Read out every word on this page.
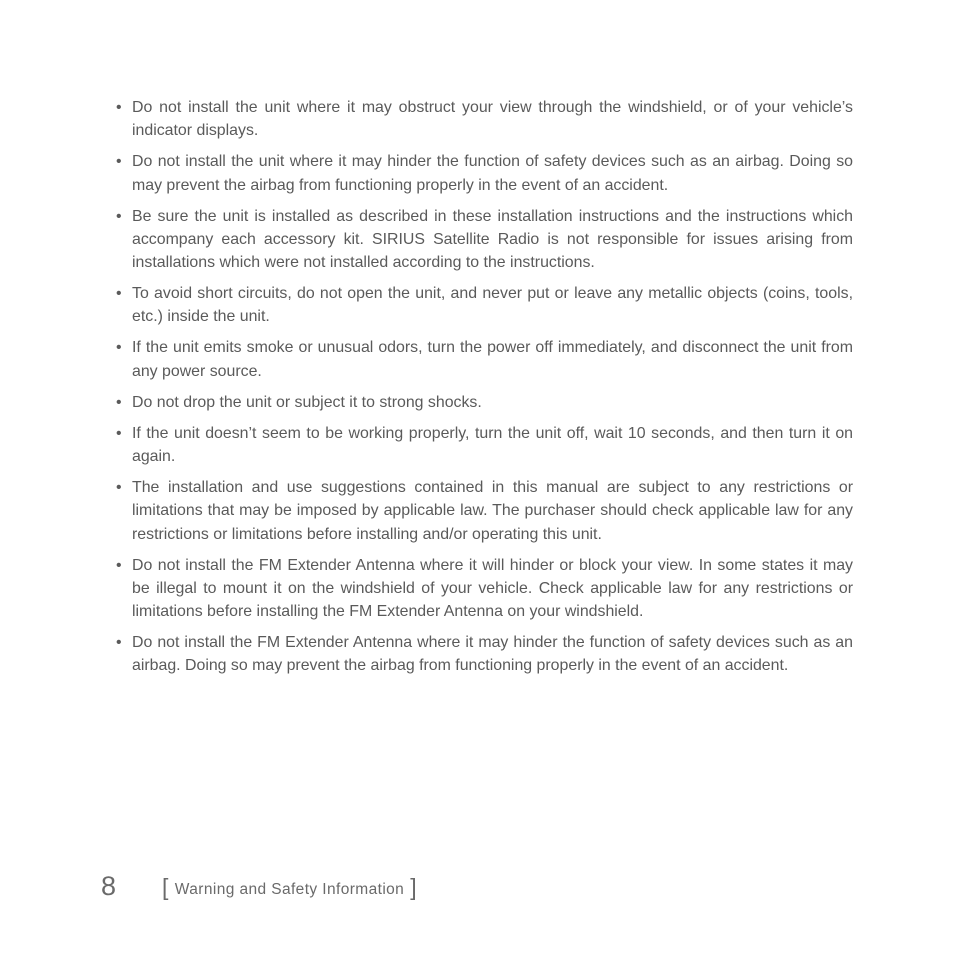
• Do not install the unit where it may obstruct your view through the windshield, or of your vehicle’s indicator displays.
• Do not install the unit where it may hinder the function of safety devices such as an airbag. Doing so may prevent the airbag from functioning properly in the event of an accident.
• Be sure the unit is installed as described in these installation instructions and the instructions which accompany each accessory kit. SIRIUS Satellite Radio is not responsible for issues arising from installations which were not installed according to the instructions.
• To avoid short circuits, do not open the unit, and never put or leave any metallic objects (coins, tools, etc.) inside the unit.
• If the unit emits smoke or unusual odors, turn the power off immediately, and disconnect the unit from any power source.
• Do not drop the unit or subject it to strong shocks.
• If the unit doesn’t seem to be working properly, turn the unit off, wait 10 seconds, and then turn it on again.
• The installation and use suggestions contained in this manual are subject to any restrictions or limitations that may be imposed by applicable law. The purchaser should check applicable law for any restrictions or limitations before installing and/or operating this unit.
• Do not install the FM Extender Antenna where it will hinder or block your view. In some states it may be illegal to mount it on the windshield of your vehicle. Check applicable law for any restrictions or limitations before installing the FM Extender Antenna on your windshield.
• Do not install the FM Extender Antenna where it may hinder the function of safety devices such as an airbag. Doing so may prevent the airbag from functioning properly in the event of an accident.
8 [ Warning and Safety Information ]
